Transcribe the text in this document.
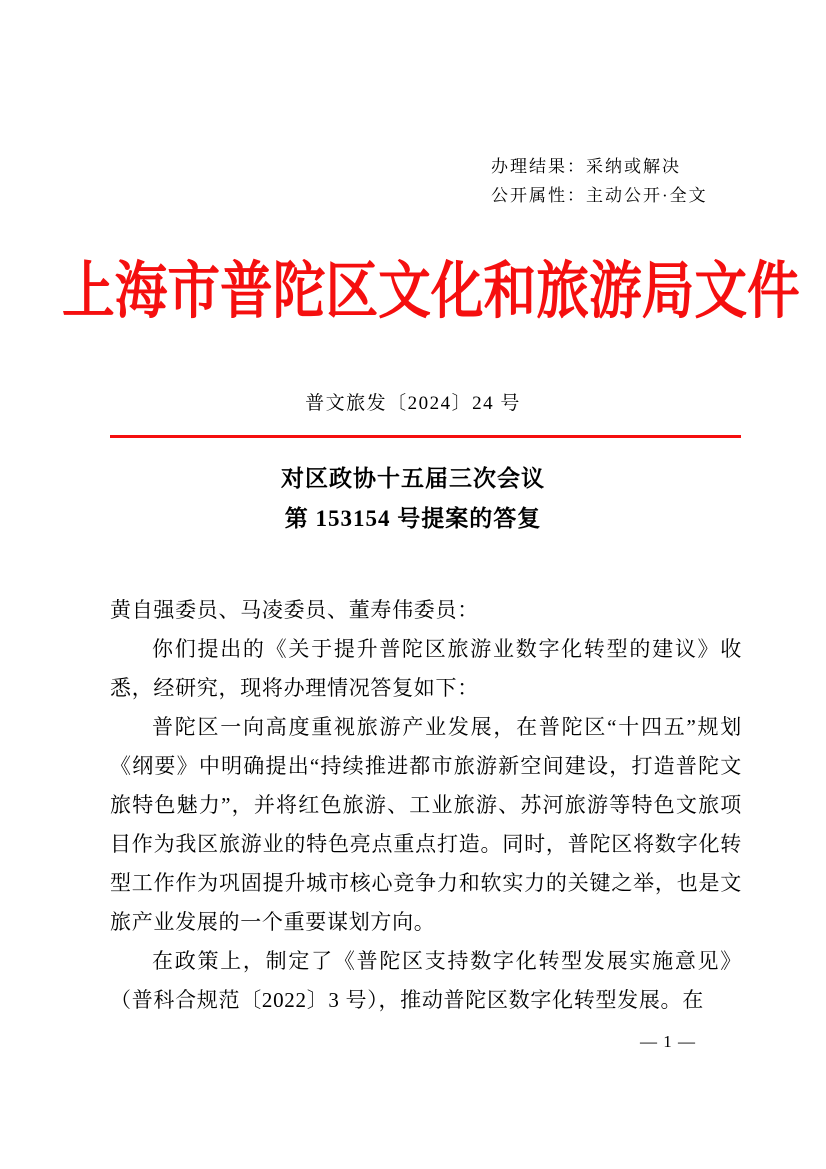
办理结果：采纳或解决
公开属性：主动公开·全文
上海市普陀区文化和旅游局文件
普文旅发〔2024〕24 号
对区政协十五届三次会议
第 153154 号提案的答复

黄自强委员、马凌委员、董寿伟委员：

你们提出的《关于提升普陀区旅游业数字化转型的建议》收悉，经研究，现将办理情况答复如下：

普陀区一向高度重视旅游产业发展，在普陀区“十四五”规划《纲要》中明确提出“持续推进都市旅游新空间建设，打造普陀文旅特色魅力”，并将红色旅游、工业旅游、苏河旅游等特色文旅项目作为我区旅游业的特色亮点重点打造。同时，普陀区将数字化转型工作作为巩固提升城市核心竞争力和软实力的关键之举，也是文旅产业发展的一个重要谋划方向。

在政策上，制定了《普陀区支持数字化转型发展实施意见》（普科合规范〔2022〕3 号），推动普陀区数字化转型发展。在

— 1 —
